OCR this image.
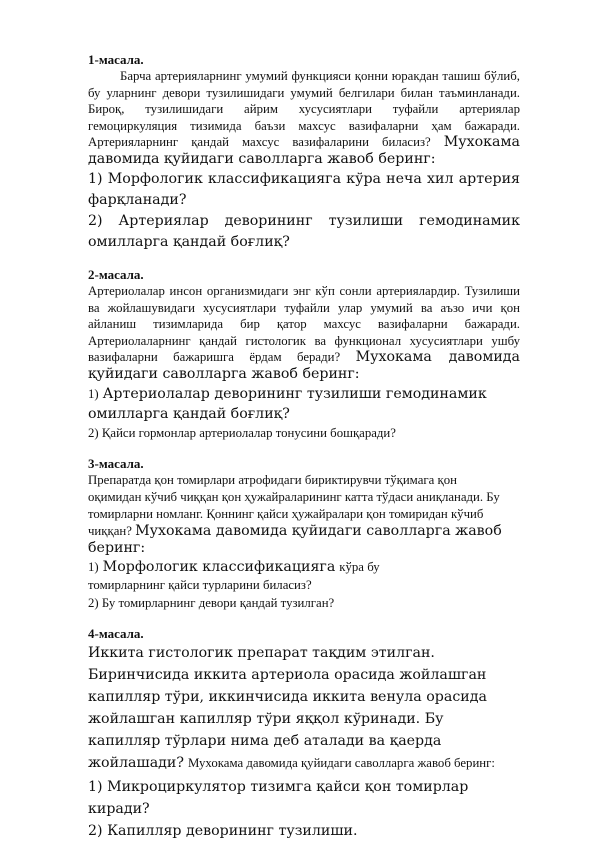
1-масала.

Барча артерияларнинг умумий функцияси қонни юракдан ташиш бўлиб, бу уларнинг девори тузилишидаги умумий белгилари билан таъминланади. Бироқ, тузилишидаги айрим хусусиятлари туфайли артериялар гемоциркуляция тизимида баъзи махсус вазифаларни ҳам бажаради. Артерияларнинг қандай махсус вазифаларини биласиз? Мухокама давомида қуйидаги саволларга жавоб беринг:

1) Морфологик классификацияга кўра неча хил артерия фарқланади?

2) Артериялар деворининг тузилиши гемодинамик омилларга қандай боғлиқ?

2-масала.

Артериолалар инсон организмидаги энг кўп сонли артериялардир. Тузилиши ва жойлашувидаги хусусиятлари туфайли улар умумий ва аъзо ичи қон айланиш тизимларида бир қатор махсус вазифаларни бажаради. Артериолаларнинг қандай гистологик ва функционал хусусиятлари ушбу вазифаларни бажаришга ёрдам беради? Мухокама давомида қуйидаги саволларга жавоб беринг:

1) Артериолалар деворининг тузилиши гемодинамик омилларга қандай боғлиқ?

2) Қайси гормонлар артериолалар тонусини бошқаради?

3-масала.

Препаратда қон томирлари атрофидаги бириктирувчи тўқимага қон оқимидан кўчиб чиққан қон ҳужайраларининг катта тўдаси аниқланади. Бу томирларни номланг. Қоннинг қайси ҳужайралари қон томиридан кўчиб чиққан? Мухокама давомида қуйидаги саволларга жавоб беринг:

1) Морфологик классификацияга кўра бу томирларнинг қайси турларини биласиз?

2) Бу томирларнинг девори қандай тузилган?

4-масала.

Иккита гистологик препарат тақдим этилган. Биринчисида иккита артериола орасида жойлашган капилляр тўри, иккинчисида иккита венула орасида жойлашган капилляр тўри яққол кўринади. Бу капилляр тўрлари нима деб аталади ва қаерда жойлашади? Мухокама давомида қуйидаги саволларга жавоб беринг:

1) Микроциркулятор тизимга қайси қон томирлар киради?

2) Капилляр деворининг тузилиши.
